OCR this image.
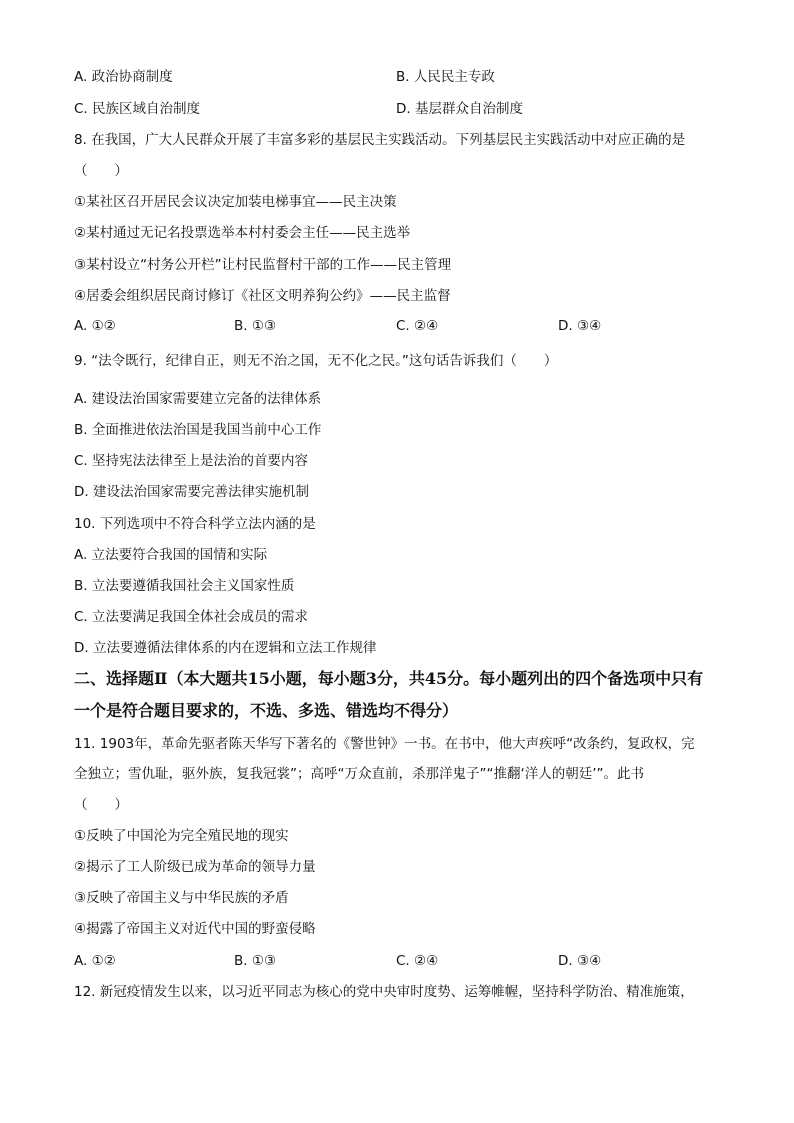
A. 政治协商制度	B. 人民民主专政
C. 民族区域自治制度	D. 基层群众自治制度
8. 在我国，广大人民群众开展了丰富多彩的基层民主实践活动。下列基层民主实践活动中对应正确的是
（　　）
①某社区召开居民会议决定加装电梯事宜——民主决策
②某村通过无记名投票选举本村村委会主任——民主选举
③某村设立“村务公开栏”让村民监督村干部的工作——民主管理
④居委会组织居民商讨修订《社区文明养狗公约》——民主监督
A. ①②	B. ①③	C. ②④	D. ③④
9. “法令既行，纪律自正，则无不治之国，无不化之民。”这句话告诉我们（　　）
A. 建设法治国家需要建立完备的法律体系
B. 全面推进依法治国是我国当前中心工作
C. 坚持宪法法律至上是法治的首要内容
D. 建设法治国家需要完善法律实施机制
10. 下列选项中不符合科学立法内涵的是
A. 立法要符合我国的国情和实际
B. 立法要遵循我国社会主义国家性质
C. 立法要满足我国全体社会成员的需求
D. 立法要遵循法律体系的内在逻辑和立法工作规律
二、选择题Ⅱ（本大题共15小题，每小题3分，共45分。每小题列出的四个备选项中只有
一个是符合题目要求的，不选、多选、错选均不得分）
11. 1903年，革命先驱者陈天华写下著名的《警世钟》一书。在书中，他大声疾呼“改条约，复政权，完
全独立；雪仇耻，驱外族，复我冠裳”；高呼“万众直前，杀那洋鬼子”“推翻‘洋人的朝廷’”。此书
（　　）
①反映了中国沦为完全殖民地的现实
②揭示了工人阶级已成为革命的领导力量
③反映了帝国主义与中华民族的矛盾
④揭露了帝国主义对近代中国的野蛮侵略
A. ①②	B. ①③	C. ②④	D. ③④
12. 新冠疫情发生以来，以习近平同志为核心的党中央审时度势、运筹帷幄，坚持科学防治、精准施策，
